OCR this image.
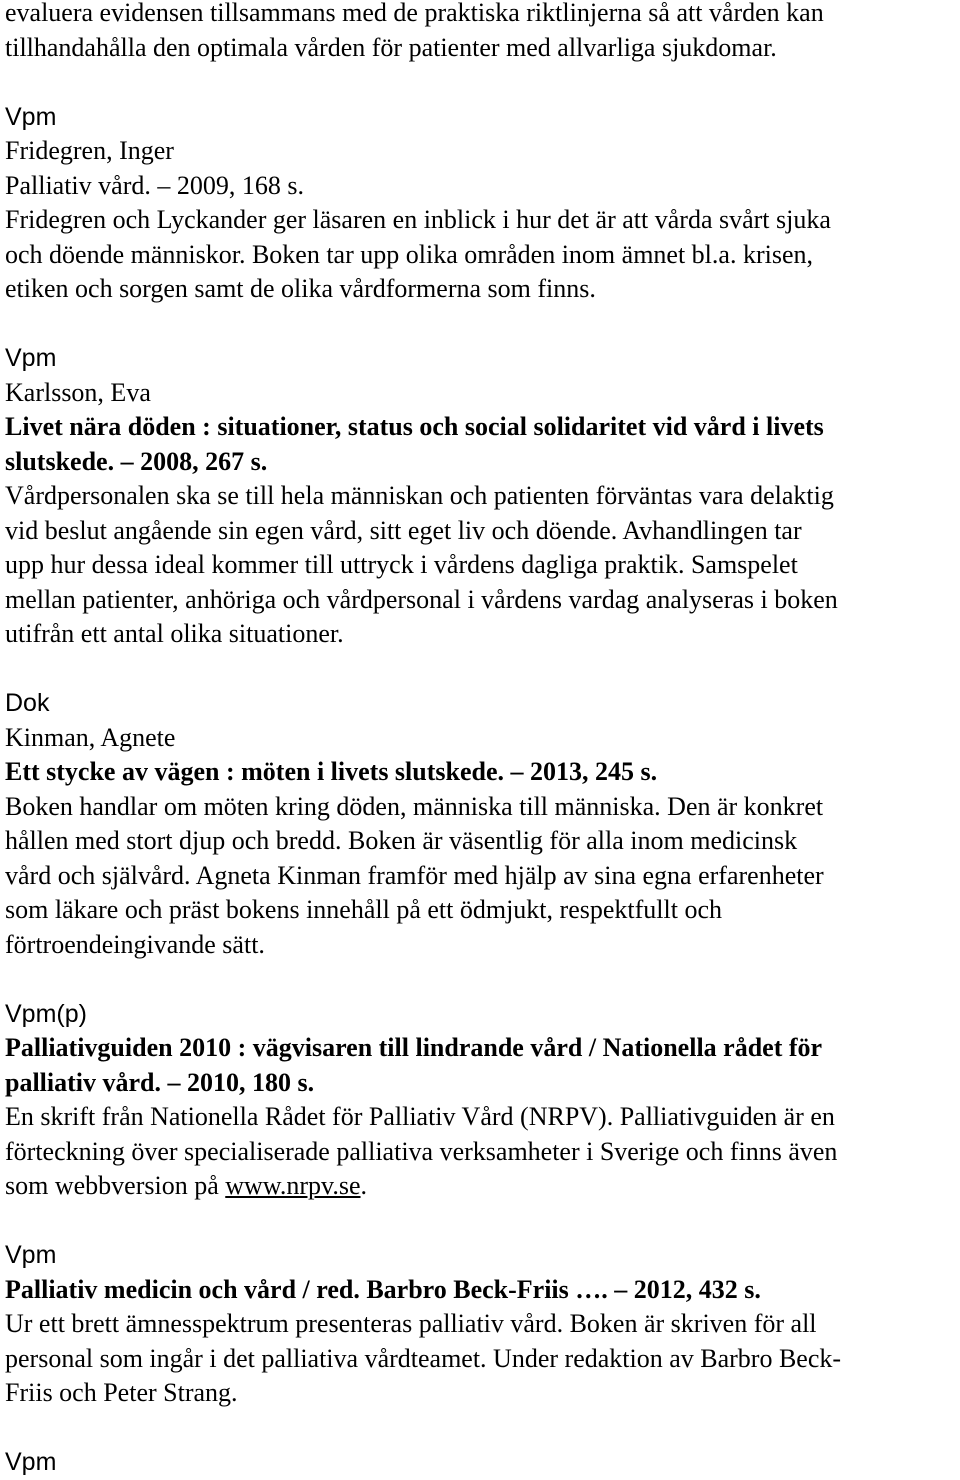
evaluera evidensen tillsammans med de praktiska riktlinjerna så att vården kan
tillhandahålla den optimala vården för patienter med allvarliga sjukdomar.
Vpm
Fridegren, Inger
Palliativ vård. – 2009, 168 s.
Fridegren och Lyckander ger läsaren en inblick i hur det är att vårda svårt sjuka
och döende människor. Boken tar upp olika områden inom ämnet bl.a. krisen,
etiken och sorgen samt de olika vårdformerna som finns.
Vpm
Karlsson, Eva
Livet nära döden : situationer, status och social solidaritet vid vård i livets
slutskede. – 2008, 267 s.
Vårdpersonalen ska se till hela människan och patienten förväntas vara delaktig
vid beslut angående sin egen vård, sitt eget liv och döende. Avhandlingen tar
upp hur dessa ideal kommer till uttryck i vårdens dagliga praktik. Samspelet
mellan patienter, anhöriga och vårdpersonal i vårdens vardag analyseras i boken
utifrån ett antal olika situationer.
Dok
Kinman, Agnete
Ett stycke av vägen : möten i livets slutskede. – 2013, 245 s.
Boken handlar om möten kring döden, människa till människa. Den är konkret
hållen med stort djup och bredd. Boken är väsentlig för alla inom medicinsk
vård och självård. Agneta Kinman framför med hjälp av sina egna erfarenheter
som läkare och präst bokens innehåll på ett ödmjukt, respektfullt och
förtroendeingivande sätt.
Vpm(p)
Palliativguiden 2010 : vägvisaren till lindrande vård / Nationella rådet för
palliativ vård. – 2010, 180 s.
En skrift från Nationella Rådet för Palliativ Vård (NRPV). Palliativguiden är en
förteckning över specialiserade palliativa verksamheter i Sverige och finns även
som webbversion på www.nrpv.se.
Vpm
Palliativ medicin och vård / red. Barbro Beck-Friis …. – 2012, 432 s.
Ur ett brett ämnesspektrum presenteras palliativ vård. Boken är skriven för all
personal som ingår i det palliativa vårdteamet. Under redaktion av Barbro Beck-
Friis och Peter Strang.
Vpm
